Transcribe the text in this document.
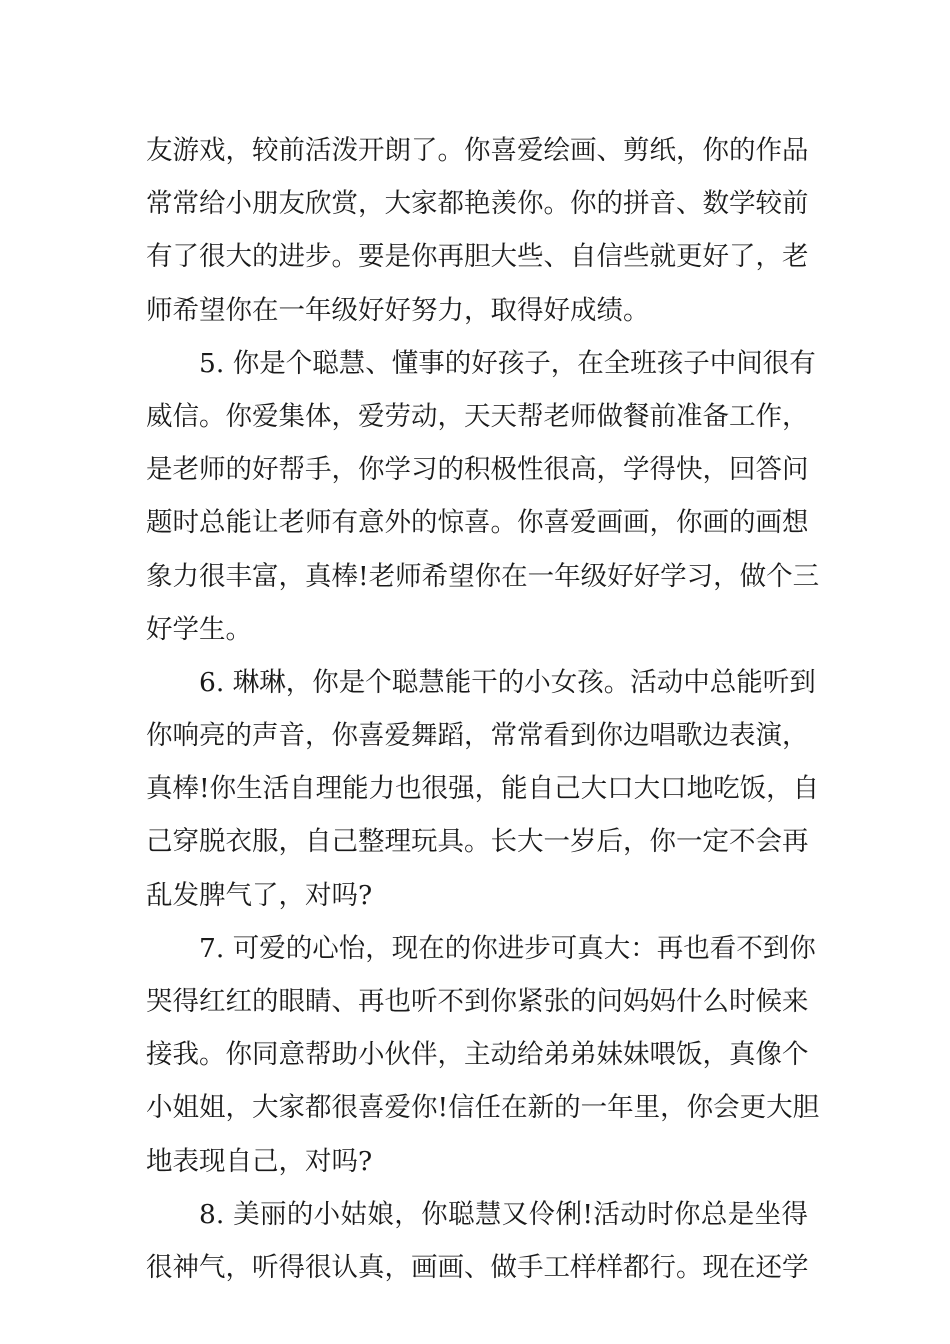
友游戏，较前活泼开朗了。你喜爱绘画、剪纸，你的作品
常常给小朋友欣赏，大家都艳羡你。你的拼音、数学较前
有了很大的进步。要是你再胆大些、自信些就更好了，老
师希望你在一年级好好努力，取得好成绩。
5. 你是个聪慧、懂事的好孩子，在全班孩子中间很有
威信。你爱集体，爱劳动，天天帮老师做餐前准备工作，
是老师的好帮手，你学习的积极性很高，学得快，回答问
题时总能让老师有意外的惊喜。你喜爱画画，你画的画想
象力很丰富，真棒!老师希望你在一年级好好学习，做个三
好学生。
6. 琳琳，你是个聪慧能干的小女孩。活动中总能听到
你响亮的声音，你喜爱舞蹈，常常看到你边唱歌边表演，
真棒!你生活自理能力也很强，能自己大口大口地吃饭，自
己穿脱衣服，自己整理玩具。长大一岁后，你一定不会再
乱发脾气了，对吗?
7. 可爱的心怡，现在的你进步可真大：再也看不到你
哭得红红的眼睛、再也听不到你紧张的问妈妈什么时候来
接我。你同意帮助小伙伴，主动给弟弟妹妹喂饭，真像个
小姐姐，大家都很喜爱你!信任在新的一年里，你会更大胆
地表现自己，对吗?
8. 美丽的小姑娘，你聪慧又伶俐!活动时你总是坐得
很神气，听得很认真，画画、做手工样样都行。现在还学
